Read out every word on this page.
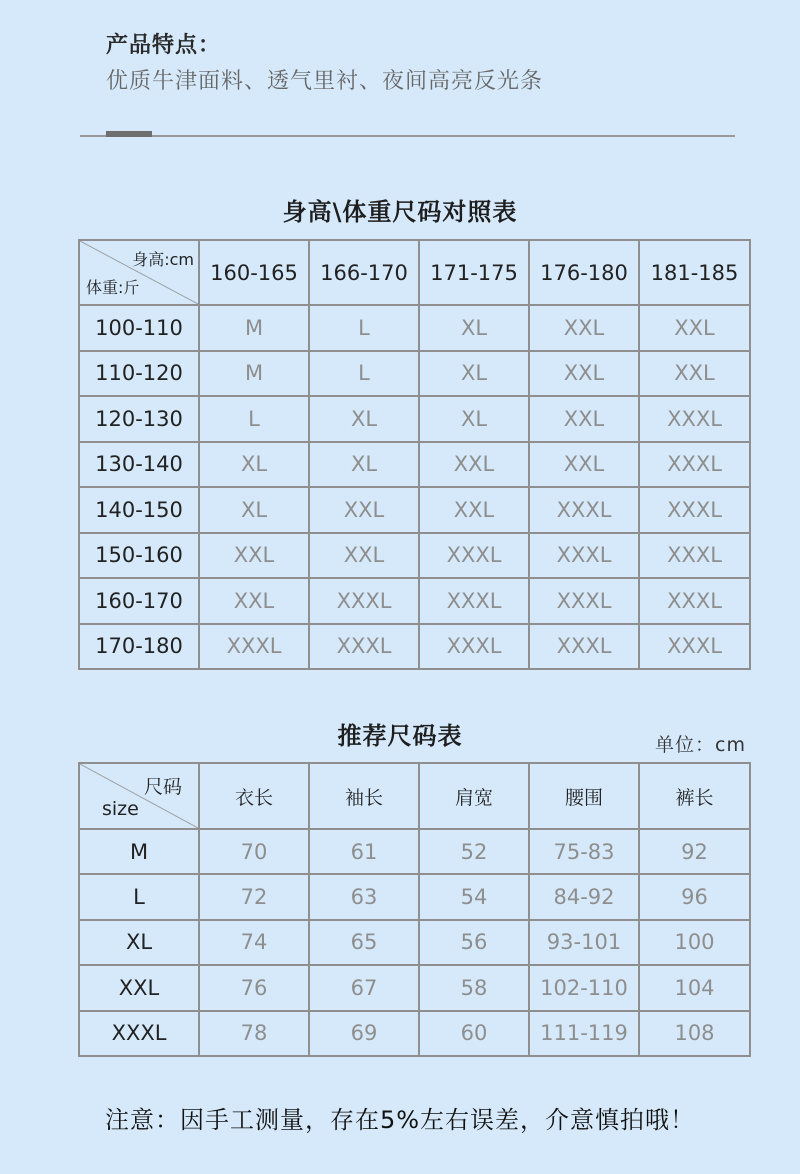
产品特点：
优质牛津面料、透气里衬、夜间高亮反光条
身高\体重尺码对照表
身高:cm
体重:斤	160-165	166-170	171-175	176-180	181-185
100-110	M	L	XL	XXL	XXL
110-120	M	L	XL	XXL	XXL
120-130	L	XL	XL	XXL	XXXL
130-140	XL	XL	XXL	XXL	XXXL
140-150	XL	XXL	XXL	XXXL	XXXL
150-160	XXL	XXL	XXXL	XXXL	XXXL
160-170	XXL	XXXL	XXXL	XXXL	XXXL
170-180	XXXL	XXXL	XXXL	XXXL	XXXL
推荐尺码表	单位：cm
尺码
size	衣长	袖长	肩宽	腰围	裤长
M	70	61	52	75-83	92
L	72	63	54	84-92	96
XL	74	65	56	93-101	100
XXL	76	67	58	102-110	104
XXXL	78	69	60	111-119	108
注意：因手工测量，存在5%左右误差，介意慎拍哦！
